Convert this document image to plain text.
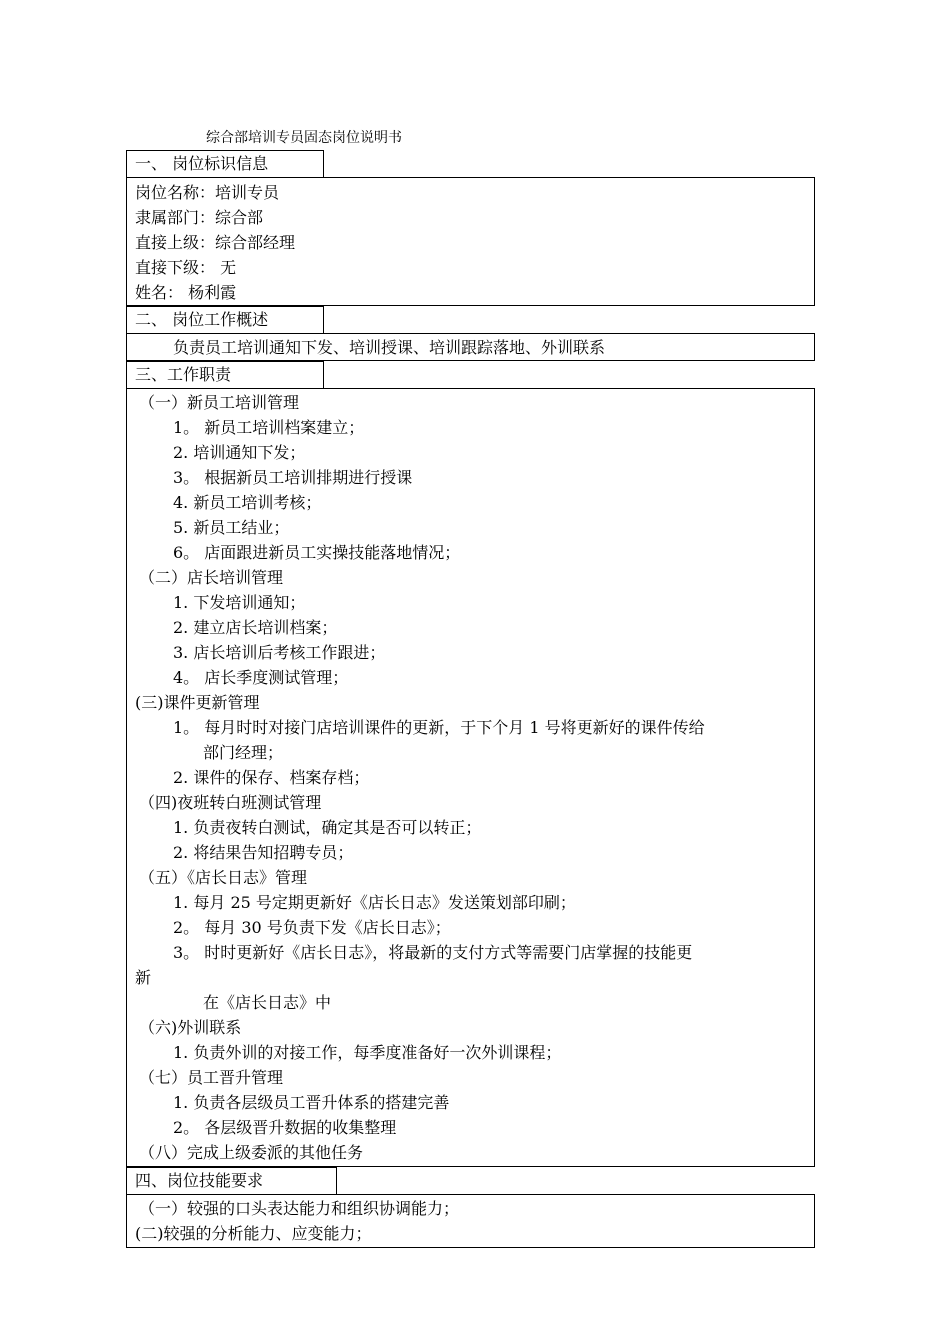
综合部培训专员固态岗位说明书
一、 岗位标识信息
岗位名称：培训专员
隶属部门：综合部
直接上级：综合部经理
直接下级： 无
姓名： 杨利霞
二、 岗位工作概述
负责员工培训通知下发、培训授课、培训跟踪落地、外训联系
三、工作职责
（一）新员工培训管理
1。 新员工培训档案建立；
2. 培训通知下发；
3。 根据新员工培训排期进行授课
4. 新员工培训考核；
5. 新员工结业；
6。 店面跟进新员工实操技能落地情况；
（二）店长培训管理
1. 下发培训通知；
2. 建立店长培训档案；
3. 店长培训后考核工作跟进；
4。 店长季度测试管理；
(三)课件更新管理
1。 每月时时对接门店培训课件的更新，于下个月 1 号将更新好的课件传给
部门经理；
2. 课件的保存、档案存档；
（四)夜班转白班测试管理
1. 负责夜转白测试，确定其是否可以转正；
2. 将结果告知招聘专员；
（五）《店长日志》管理
1. 每月 25 号定期更新好《店长日志》发送策划部印刷；
2。 每月 30 号负责下发《店长日志》；
3。 时时更新好《店长日志》，将最新的支付方式等需要门店掌握的技能更
新
在《店长日志》中
（六)外训联系
1. 负责外训的对接工作，每季度准备好一次外训课程；
（七）员工晋升管理
1. 负责各层级员工晋升体系的搭建完善
2。 各层级晋升数据的收集整理
（八）完成上级委派的其他任务
四、岗位技能要求
（一）较强的口头表达能力和组织协调能力；
(二)较强的分析能力、应变能力；
